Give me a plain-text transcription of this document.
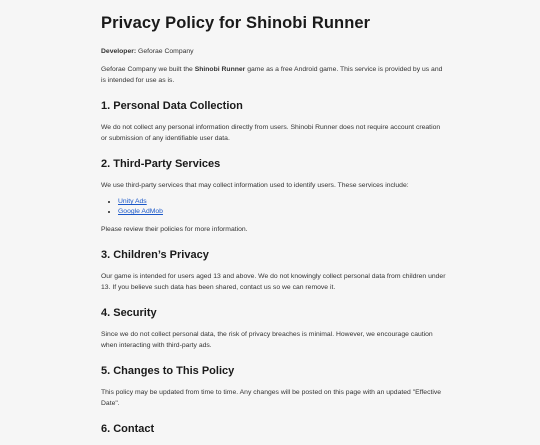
Privacy Policy for Shinobi Runner

Developer: Geforae Company

Geforae Company we built the Shinobi Runner game as a free Android game. This service is provided by us and is intended for use as is.

1. Personal Data Collection

We do not collect any personal information directly from users. Shinobi Runner does not require account creation or submission of any identifiable user data.

2. Third-Party Services

We use third-party services that may collect information used to identify users. These services include:

• Unity Ads
• Google AdMob

Please review their policies for more information.

3. Children’s Privacy

Our game is intended for users aged 13 and above. We do not knowingly collect personal data from children under 13. If you believe such data has been shared, contact us so we can remove it.

4. Security

Since we do not collect personal data, the risk of privacy breaches is minimal. However, we encourage caution when interacting with third-party ads.

5. Changes to This Policy

This policy may be updated from time to time. Any changes will be posted on this page with an updated "Effective Date".

6. Contact
